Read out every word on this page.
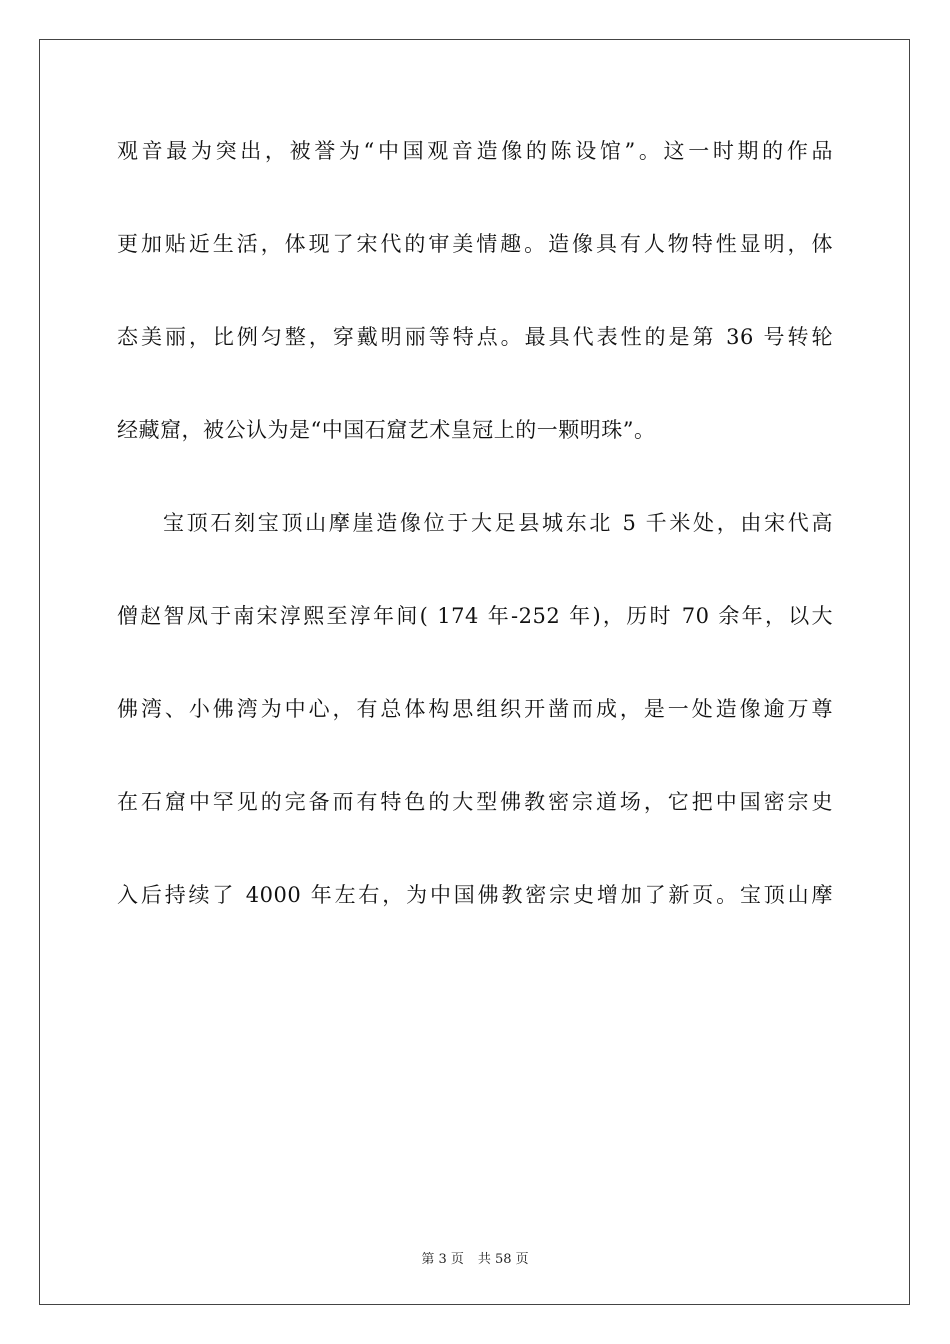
观音最为突出，被誉为“中国观音造像的陈设馆”。这一时期的作品
更加贴近生活，体现了宋代的审美情趣。造像具有人物特性显明，体
态美丽，比例匀整，穿戴明丽等特点。最具代表性的是第 36 号转轮
经藏窟，被公认为是“中国石窟艺术皇冠上的一颗明珠”。
宝顶石刻宝顶山摩崖造像位于大足县城东北 5 千米处，由宋代高
僧赵智凤于南宋淳熙至淳年间( 174 年-252 年)，历时 70 余年，以大
佛湾、小佛湾为中心，有总体构思组织开凿而成，是一处造像逾万尊
在石窟中罕见的完备而有特色的大型佛教密宗道场，它把中国密宗史
入后持续了 4000 年左右，为中国佛教密宗史增加了新页。宝顶山摩
第 3 页 共 58 页
